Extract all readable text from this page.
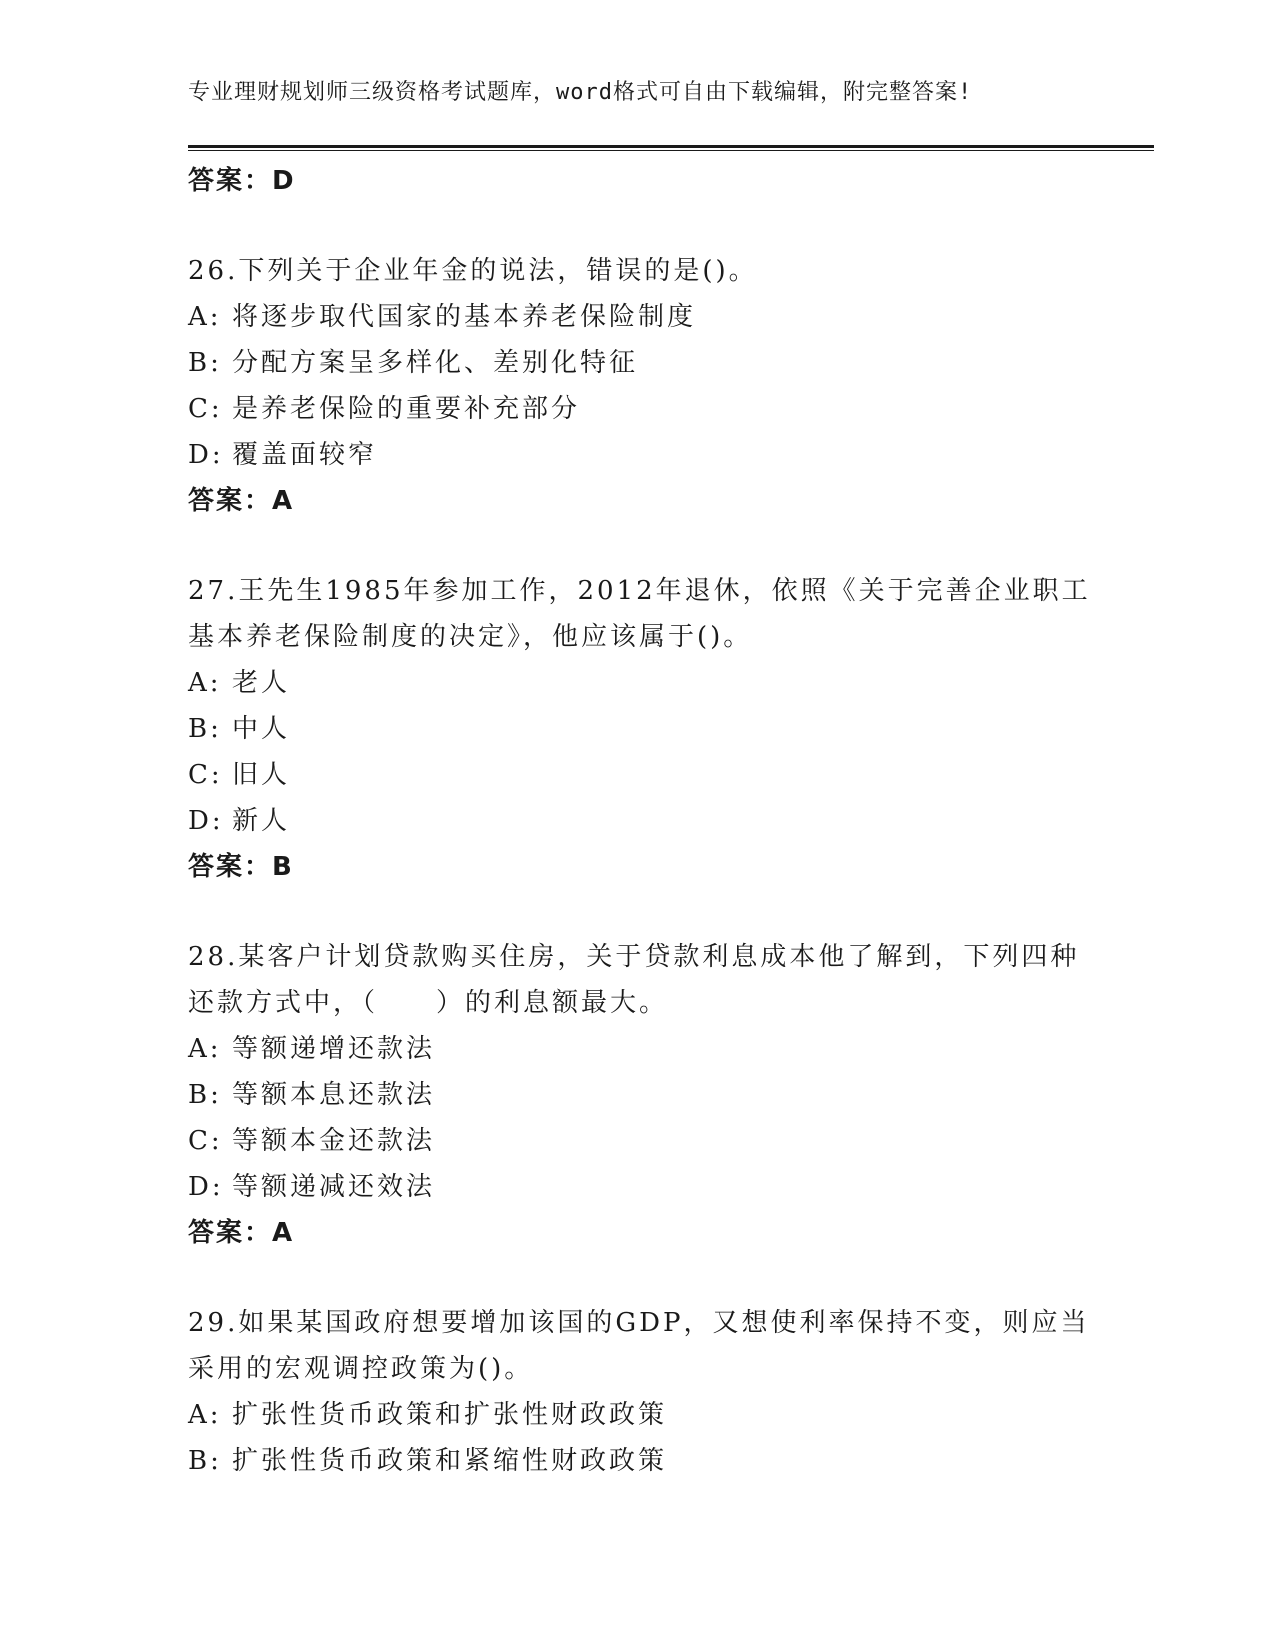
专业理财规划师三级资格考试题库，word格式可自由下载编辑，附完整答案!
答案：D
26.下列关于企业年金的说法，错误的是()。
A: 将逐步取代国家的基本养老保险制度
B: 分配方案呈多样化、差别化特征
C: 是养老保险的重要补充部分
D: 覆盖面较窄
答案：A
27.王先生1985年参加工作，2012年退休，依照《关于完善企业职工
基本养老保险制度的决定》，他应该属于()。
A: 老人
B: 中人
C: 旧人
D: 新人
答案：B
28.某客户计划贷款购买住房，关于贷款利息成本他了解到，下列四种
还款方式中，（　　）的利息额最大。
A: 等额递增还款法
B: 等额本息还款法
C: 等额本金还款法
D: 等额递减还效法
答案：A
29.如果某国政府想要增加该国的GDP，又想使利率保持不变，则应当
采用的宏观调控政策为()。
A: 扩张性货币政策和扩张性财政政策
B: 扩张性货币政策和紧缩性财政政策
